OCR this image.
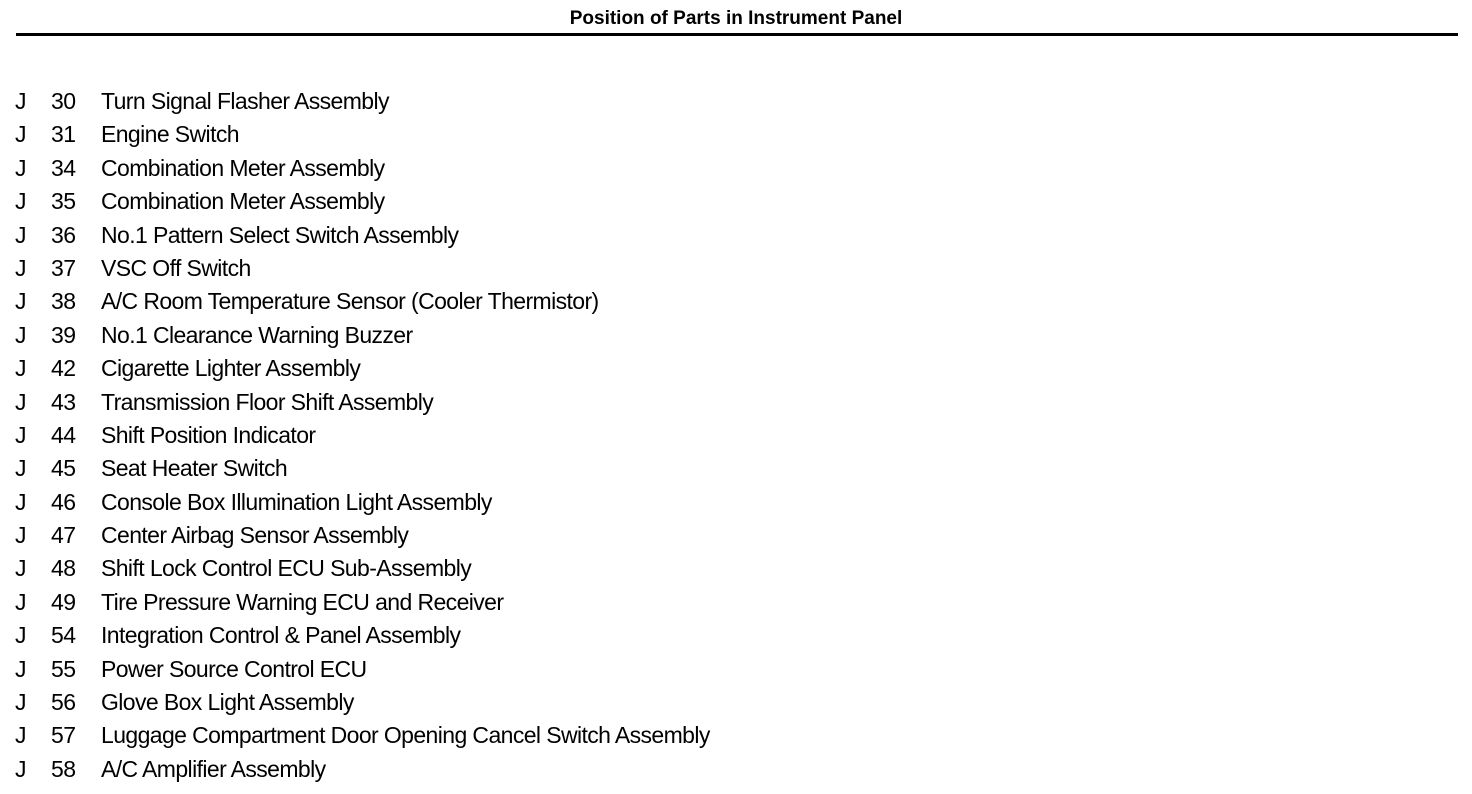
Position of Parts in Instrument Panel
J 30 Turn Signal Flasher Assembly
J 31 Engine Switch
J 34 Combination Meter Assembly
J 35 Combination Meter Assembly
J 36 No.1 Pattern Select Switch Assembly
J 37 VSC Off Switch
J 38 A/C Room Temperature Sensor (Cooler Thermistor)
J 39 No.1 Clearance Warning Buzzer
J 42 Cigarette Lighter Assembly
J 43 Transmission Floor Shift Assembly
J 44 Shift Position Indicator
J 45 Seat Heater Switch
J 46 Console Box Illumination Light Assembly
J 47 Center Airbag Sensor Assembly
J 48 Shift Lock Control ECU Sub-Assembly
J 49 Tire Pressure Warning ECU and Receiver
J 54 Integration Control & Panel Assembly
J 55 Power Source Control ECU
J 56 Glove Box Light Assembly
J 57 Luggage Compartment Door Opening Cancel Switch Assembly
J 58 A/C Amplifier Assembly
